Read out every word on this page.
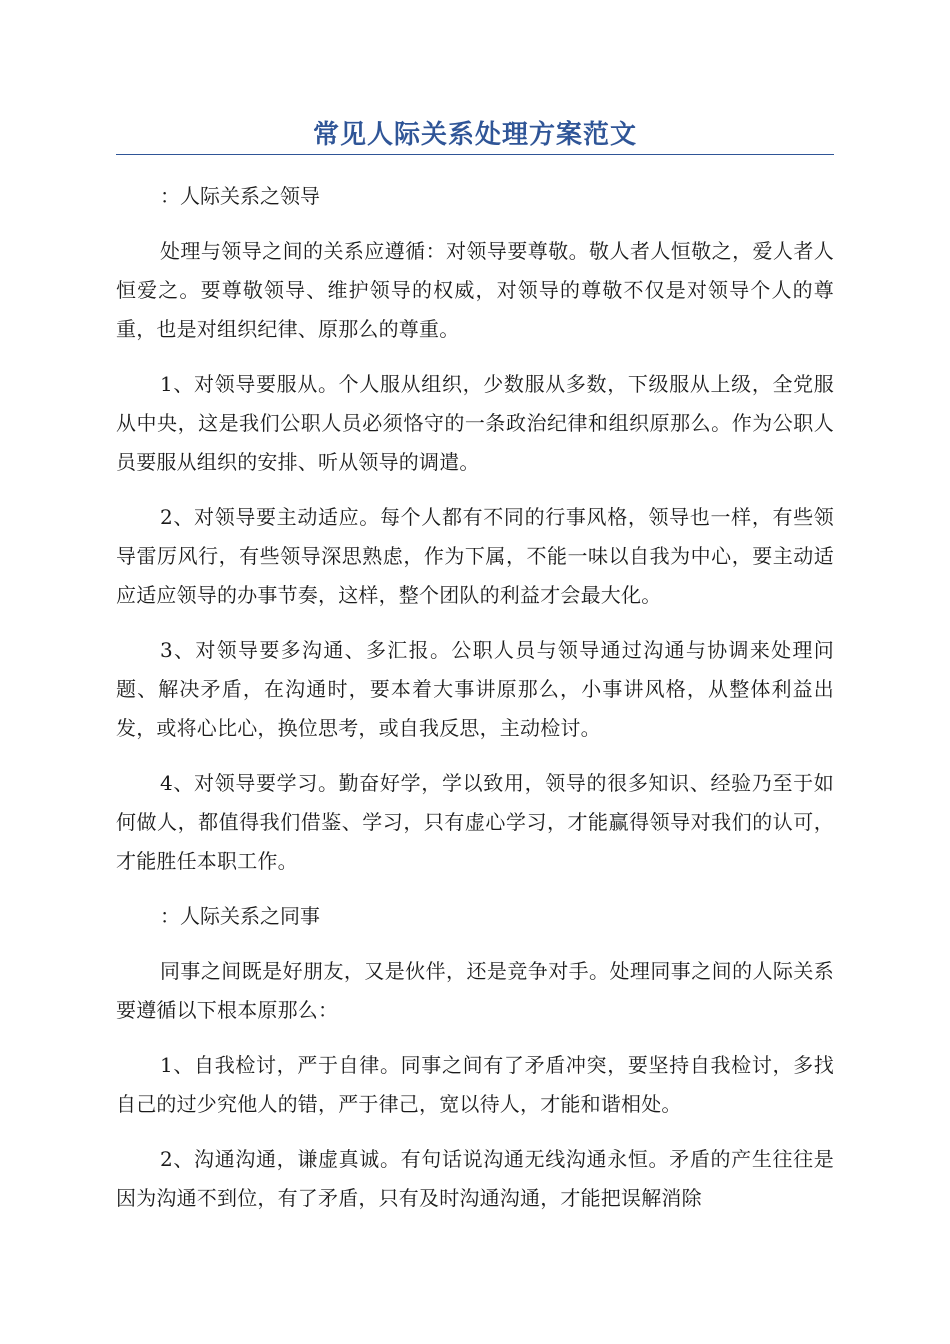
常见人际关系处理方案范文

：人际关系之领导

处理与领导之间的关系应遵循：对领导要尊敬。敬人者人恒敬之，爱人者人恒爱之。要尊敬领导、维护领导的权威，对领导的尊敬不仅是对领导个人的尊重，也是对组织纪律、原那么的尊重。

1、对领导要服从。个人服从组织，少数服从多数，下级服从上级，全党服从中央，这是我们公职人员必须恪守的一条政治纪律和组织原那么。作为公职人员要服从组织的安排、听从领导的调遣。

2、对领导要主动适应。每个人都有不同的行事风格，领导也一样，有些领导雷厉风行，有些领导深思熟虑，作为下属，不能一味以自我为中心，要主动适应适应领导的办事节奏，这样，整个团队的利益才会最大化。

3、对领导要多沟通、多汇报。公职人员与领导通过沟通与协调来处理问题、解决矛盾，在沟通时，要本着大事讲原那么，小事讲风格，从整体利益出发，或将心比心，换位思考，或自我反思，主动检讨。

4、对领导要学习。勤奋好学，学以致用，领导的很多知识、经验乃至于如何做人，都值得我们借鉴、学习，只有虚心学习，才能赢得领导对我们的认可，才能胜任本职工作。

：人际关系之同事

同事之间既是好朋友，又是伙伴，还是竞争对手。处理同事之间的人际关系要遵循以下根本原那么：

1、自我检讨，严于自律。同事之间有了矛盾冲突，要坚持自我检讨，多找自己的过少究他人的错，严于律己，宽以待人，才能和谐相处。

2、沟通沟通，谦虚真诚。有句话说沟通无线沟通永恒。矛盾的产生往往是因为沟通不到位，有了矛盾，只有及时沟通沟通，才能把误解消除
